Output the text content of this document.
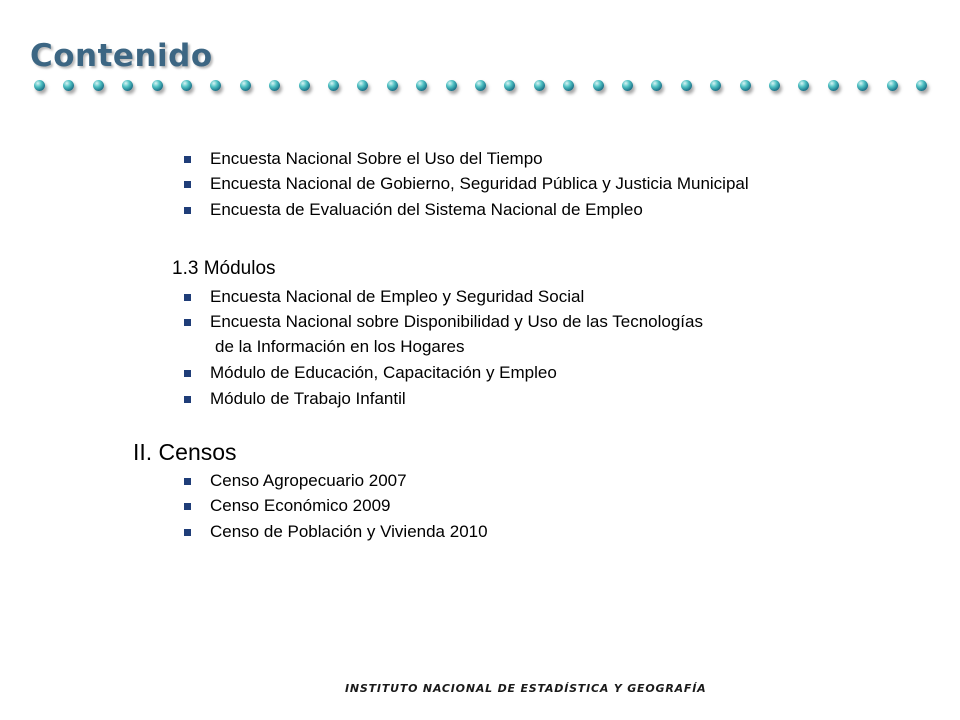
Contenido
Encuesta Nacional Sobre el Uso del Tiempo
Encuesta Nacional de Gobierno, Seguridad Pública y Justicia Municipal
Encuesta de Evaluación del Sistema Nacional de Empleo
1.3 Módulos
Encuesta Nacional de Empleo y Seguridad Social
Encuesta Nacional sobre Disponibilidad y Uso de las Tecnologías
de la Información en los Hogares
Módulo de Educación, Capacitación y Empleo
Módulo de Trabajo Infantil
II. Censos
Censo Agropecuario 2007
Censo Económico 2009
Censo de Población y Vivienda 2010
INSTITUTO NACIONAL DE ESTADÍSTICA Y GEOGRAFÍA
